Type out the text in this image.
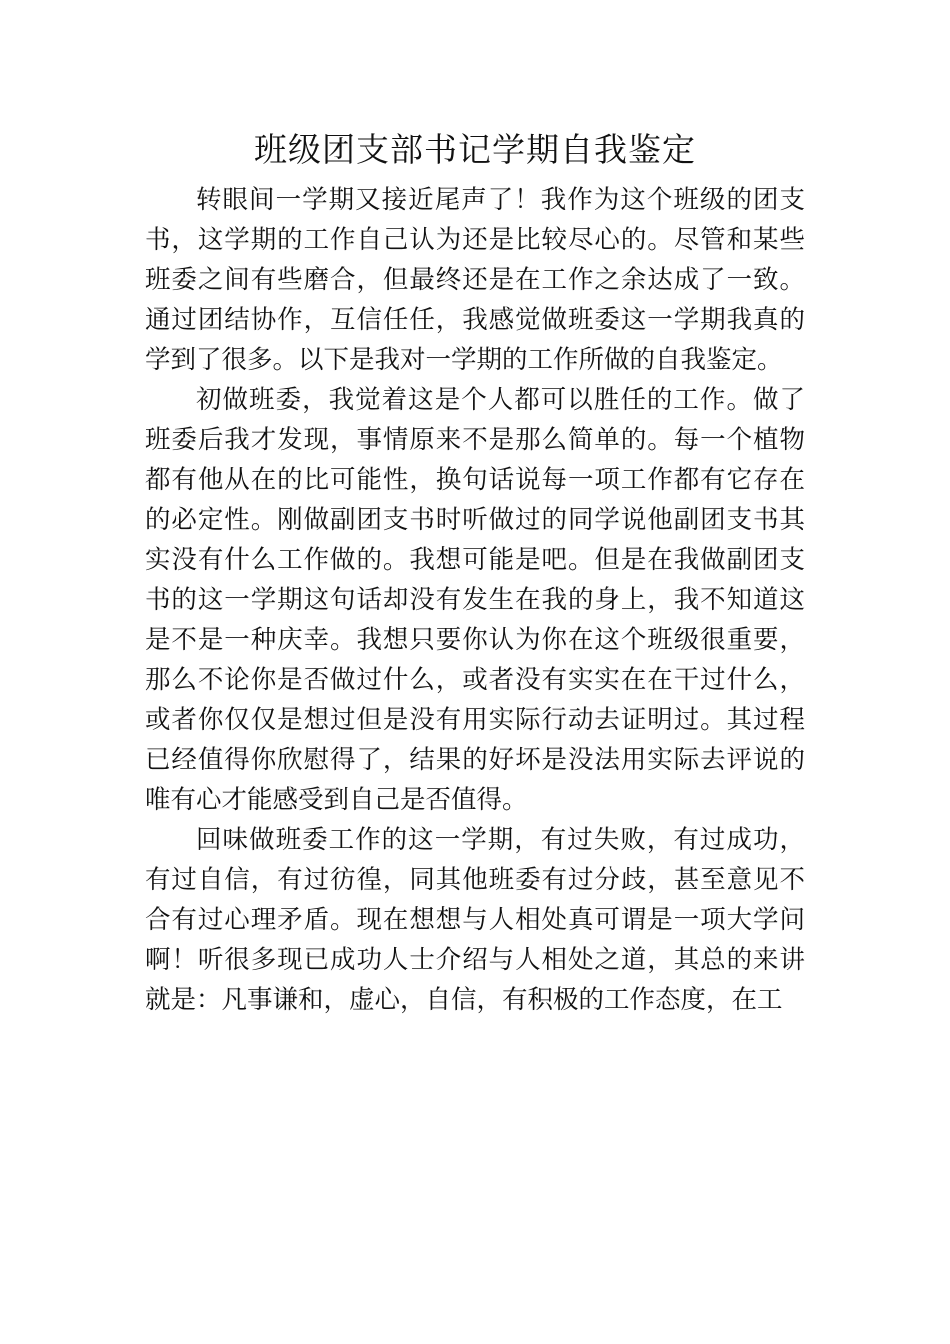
班级团支部书记学期自我鉴定

转眼间一学期又接近尾声了！我作为这个班级的团支书，这学期的工作自己认为还是比较尽心的。尽管和某些班委之间有些磨合，但最终还是在工作之余达成了一致。通过团结协作，互信任任，我感觉做班委这一学期我真的学到了很多。以下是我对一学期的工作所做的自我鉴定。

初做班委，我觉着这是个人都可以胜任的工作。做了班委后我才发现，事情原来不是那么简单的。每一个植物都有他从在的比可能性，换句话说每一项工作都有它存在的必定性。刚做副团支书时听做过的同学说他副团支书其实没有什么工作做的。我想可能是吧。但是在我做副团支书的这一学期这句话却没有发生在我的身上，我不知道这是不是一种庆幸。我想只要你认为你在这个班级很重要，那么不论你是否做过什么，或者没有实实在在干过什么，或者你仅仅是想过但是没有用实际行动去证明过。其过程已经值得你欣慰得了，结果的好坏是没法用实际去评说的唯有心才能感受到自己是否值得。

回味做班委工作的这一学期，有过失败，有过成功，有过自信，有过彷徨，同其他班委有过分歧，甚至意见不合有过心理矛盾。现在想想与人相处真可谓是一项大学问啊！听很多现已成功人士介绍与人相处之道，其总的来讲就是：凡事谦和，虚心，自信，有积极的工作态度，在工
